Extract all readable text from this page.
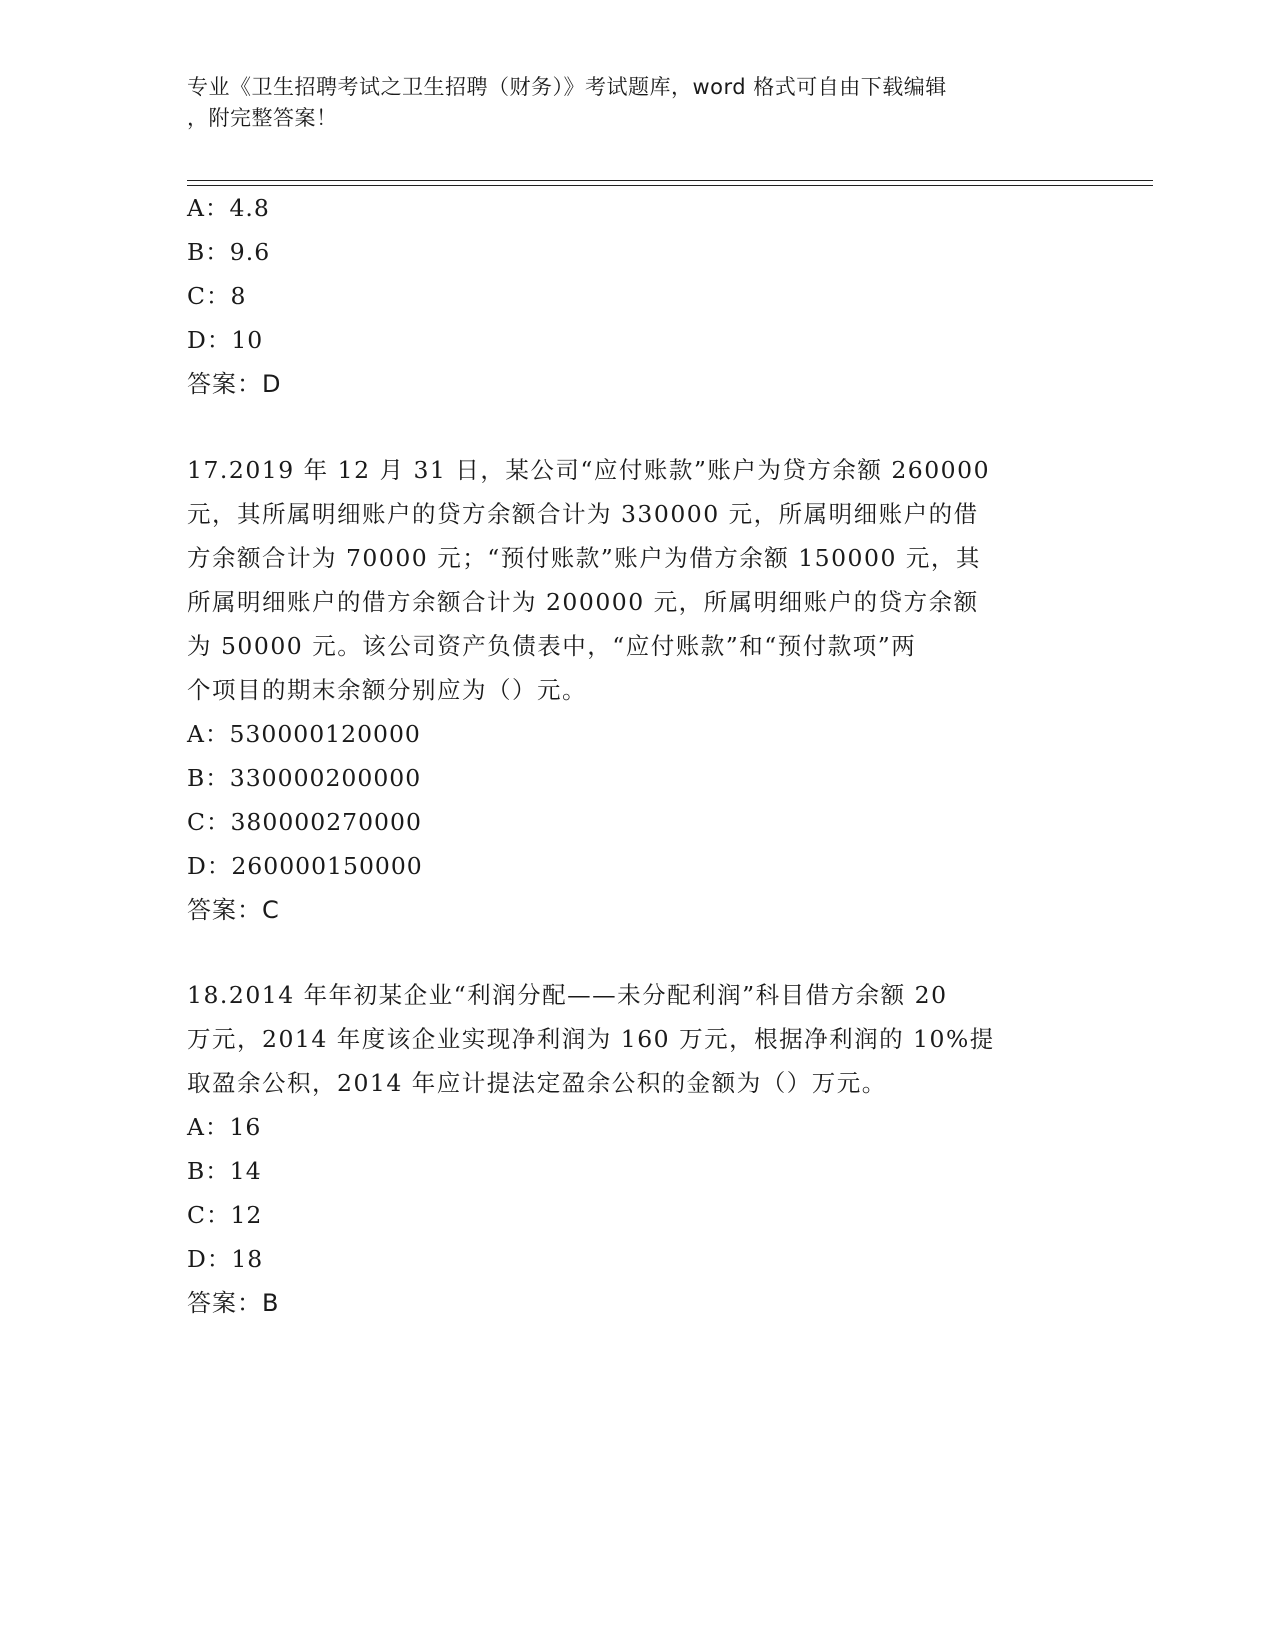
专业《卫生招聘考试之卫生招聘（财务）》考试题库，word 格式可自由下载编辑
，附完整答案！
A：4.8
B：9.6
C：8
D：10
答案：D
17.2019 年 12 月 31 日，某公司“应付账款”账户为贷方余额 260000
元，其所属明细账户的贷方余额合计为 330000 元，所属明细账户的借
方余额合计为 70000 元；“预付账款”账户为借方余额 150000 元，其
所属明细账户的借方余额合计为 200000 元，所属明细账户的贷方余额
为 50000 元。该公司资产负债表中，“应付账款”和“预付款项”两
个项目的期末余额分别应为（）元。
A：530000120000
B：330000200000
C：380000270000
D：260000150000
答案：C
18.2014 年年初某企业“利润分配——未分配利润”科目借方余额 20
万元，2014 年度该企业实现净利润为 160 万元，根据净利润的 10%提
取盈余公积，2014 年应计提法定盈余公积的金额为（）万元。
A：16
B：14
C：12
D：18
答案：B
